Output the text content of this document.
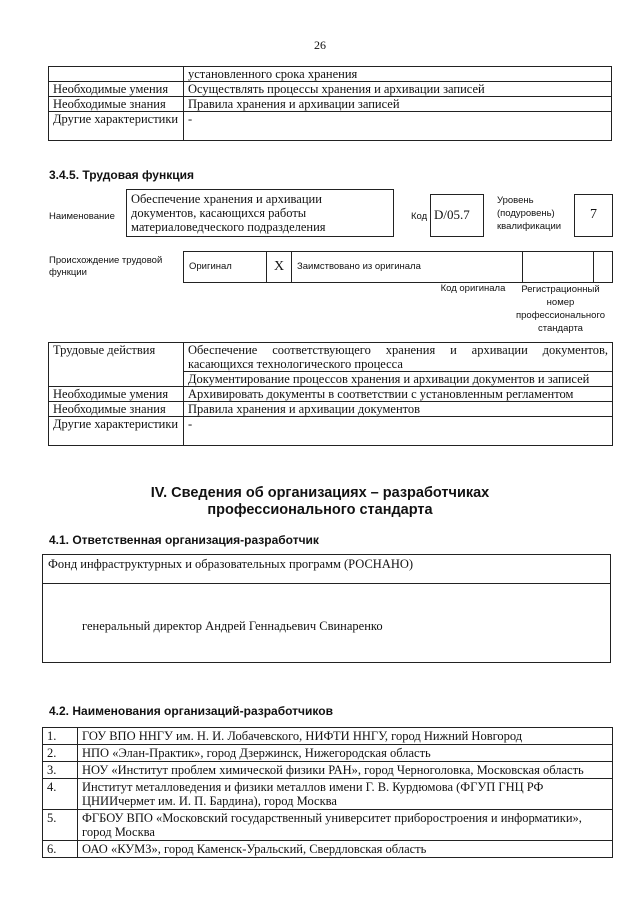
26
	установленного срока хранения
Необходимые умения	Осуществлять процессы хранения и архивации записей
Необходимые знания	Правила хранения и архивации записей
Другие характеристики	-
3.4.5. Трудовая функция
Наименование
Обеспечение хранения и архивации документов, касающихся работы материаловедческого подразделения
Код D/05.7
Уровень (подуровень) квалификации
7
Происхождение трудовой функции
Оригинал	X	Заимствовано из оригинала		
Код оригинала	Регистрационный номер профессионального стандарта
Трудовые действия	Обеспечение соответствующего хранения и архивации документов, касающихся технологического процесса
	Документирование процессов хранения и архивации документов и записей
Необходимые умения	Архивировать документы в соответствии с установленным регламентом
Необходимые знания	Правила хранения и архивации документов
Другие характеристики	-
IV. Сведения об организациях – разработчиках профессионального стандарта
4.1. Ответственная организация-разработчик
Фонд инфраструктурных и образовательных программ (РОСНАНО)
генеральный директор Андрей Геннадьевич Свинаренко
4.2. Наименования организаций-разработчиков
1.	ГОУ ВПО ННГУ им. Н. И. Лобачевского, НИФТИ ННГУ, город Нижний Новгород
2.	НПО «Элан-Практик», город Дзержинск, Нижегородская область
3.	НОУ «Институт проблем химической физики РАН», город Черноголовка, Московская область
4.	Институт металловедения и физики металлов имени Г. В. Курдюмова (ФГУП ГНЦ РФ ЦНИИчермет им. И. П. Бардина), город Москва
5.	ФГБОУ ВПО «Московский государственный университет приборостроения и информатики», город Москва
6.	ОАО «КУМЗ», город Каменск-Уральский, Свердловская область
